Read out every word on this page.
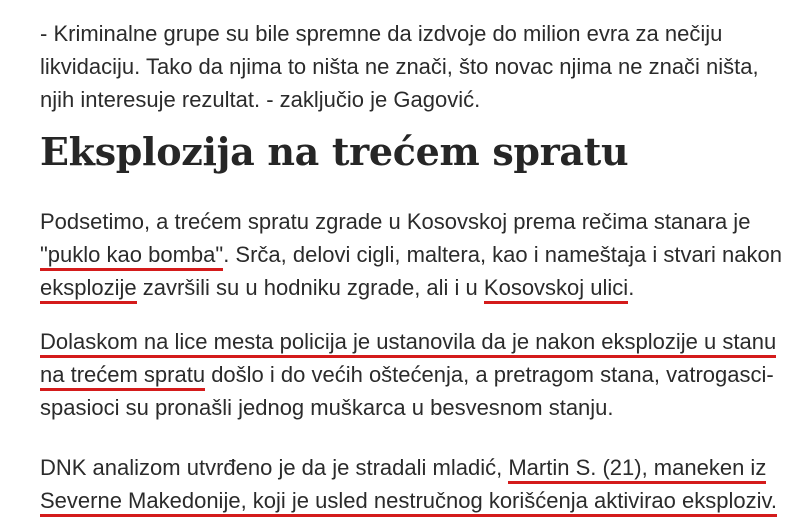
- Kriminalne grupe su bile spremne da izdvoje do milion evra za nečiju
likvidaciju. Tako da njima to ništa ne znači, što novac njima ne znači ništa,
njih interesuje rezultat. - zaključio je Gagović.

Eksplozija na trećem spratu

Podsetimo, a trećem spratu zgrade u Kosovskoj prema rečima stanara je
"puklo kao bomba". Srča, delovi cigli, maltera, kao i nameštaja i stvari nakon
eksplozije završili su u hodniku zgrade, ali i u Kosovskoj ulici.

Dolaskom na lice mesta policija je ustanovila da je nakon eksplozije u stanu
na trećem spratu došlo i do većih oštećenja, a pretragom stana, vatrogasci-
spasioci su pronašli jednog muškarca u besvesnom stanju.

DNK analizom utvrđeno je da je stradali mladić, Martin S. (21), maneken iz
Severne Makedonije, koji je usled nestručnog korišćenja aktivirao eksploziv.
